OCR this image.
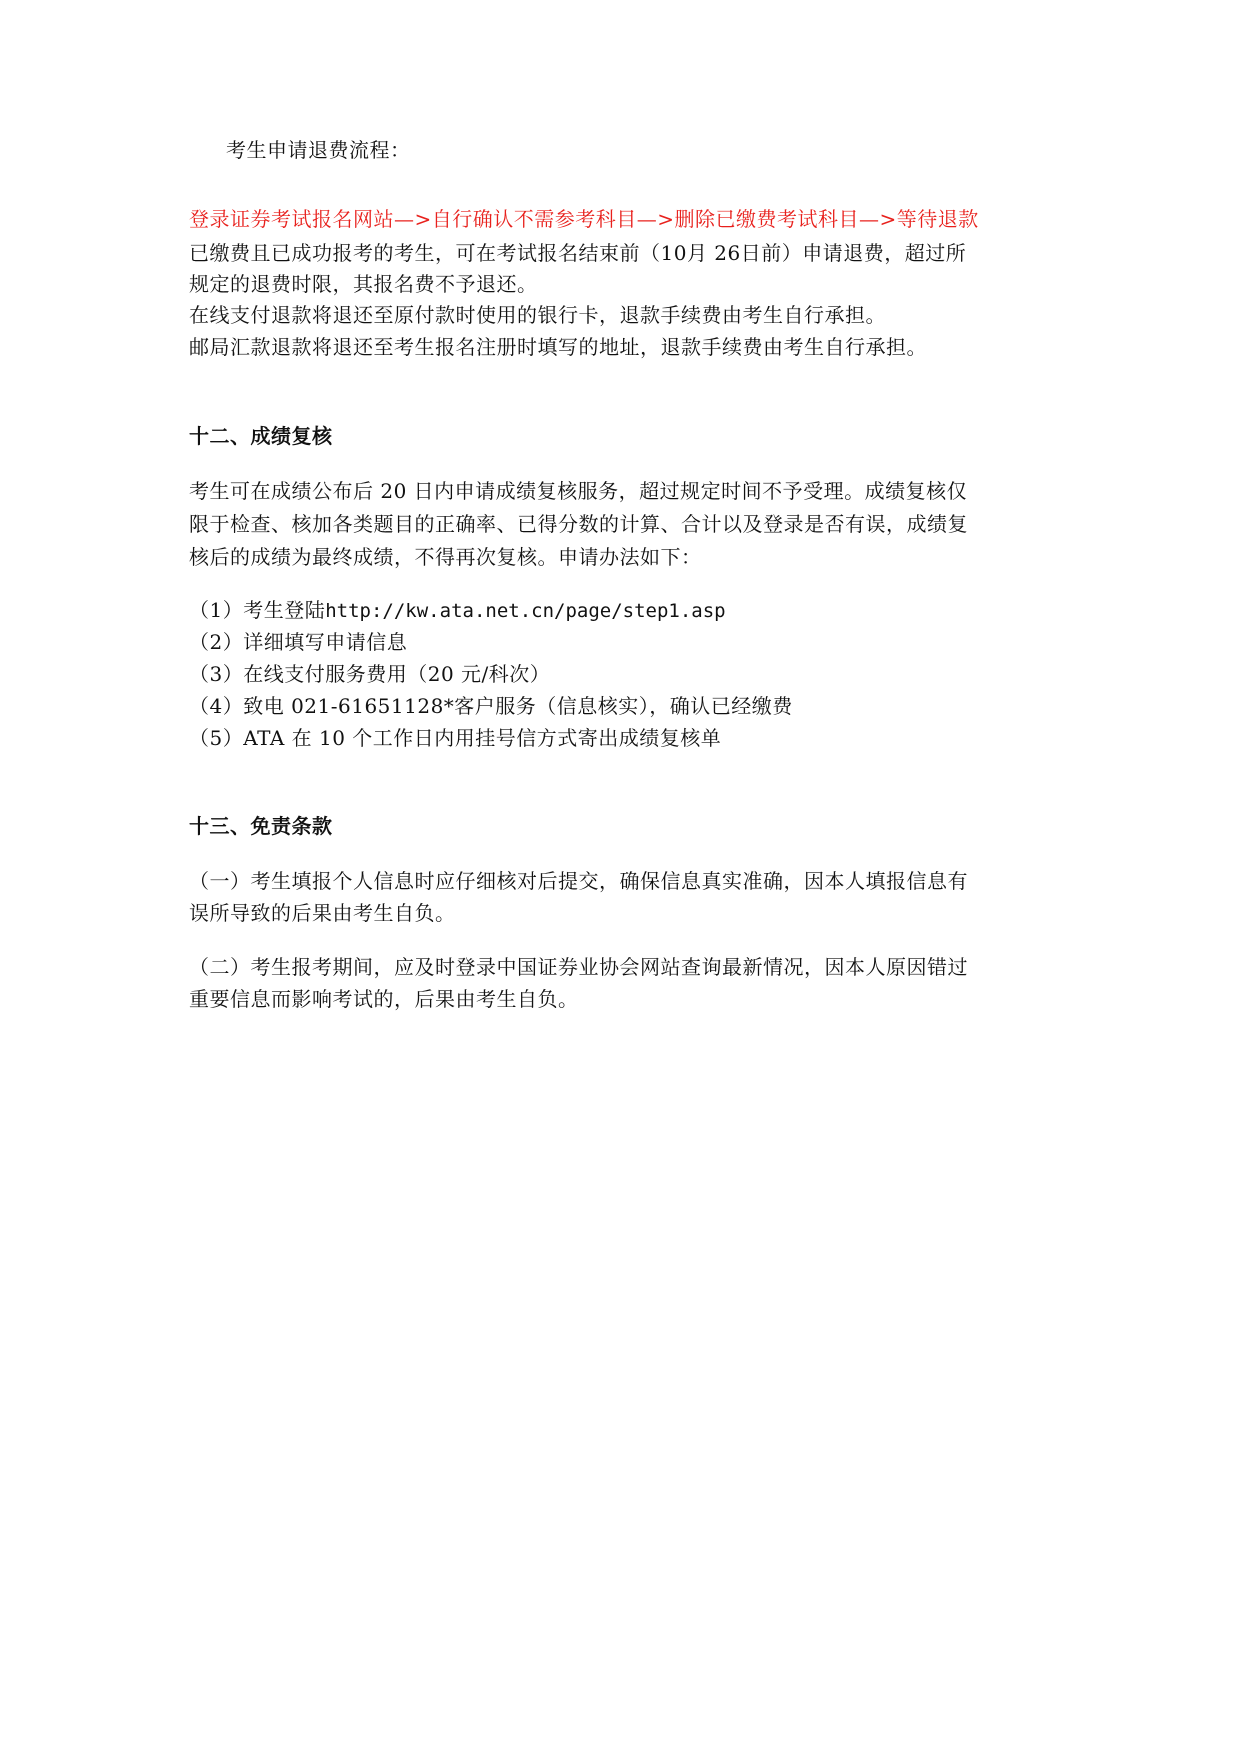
考生申请退费流程：
登录证券考试报名网站—>自行确认不需参考科目—>删除已缴费考试科目—>等待退款
已缴费且已成功报考的考生，可在考试报名结束前（10月 26日前）申请退费，超过所
规定的退费时限，其报名费不予退还。
在线支付退款将退还至原付款时使用的银行卡，退款手续费由考生自行承担。
邮局汇款退款将退还至考生报名注册时填写的地址，退款手续费由考生自行承担。
十二、成绩复核
考生可在成绩公布后 20 日内申请成绩复核服务，超过规定时间不予受理。成绩复核仅
限于检查、核加各类题目的正确率、已得分数的计算、合计以及登录是否有误，成绩复
核后的成绩为最终成绩，不得再次复核。申请办法如下：
（1）考生登陆http://kw.ata.net.cn/page/step1.asp
（2）详细填写申请信息
（3）在线支付服务费用（20 元/科次）
（4）致电 021-61651128*客户服务（信息核实），确认已经缴费
（5）ATA 在 10 个工作日内用挂号信方式寄出成绩复核单
十三、免责条款
（一）考生填报个人信息时应仔细核对后提交，确保信息真实准确，因本人填报信息有
误所导致的后果由考生自负。
（二）考生报考期间，应及时登录中国证券业协会网站查询最新情况，因本人原因错过
重要信息而影响考试的，后果由考生自负。
